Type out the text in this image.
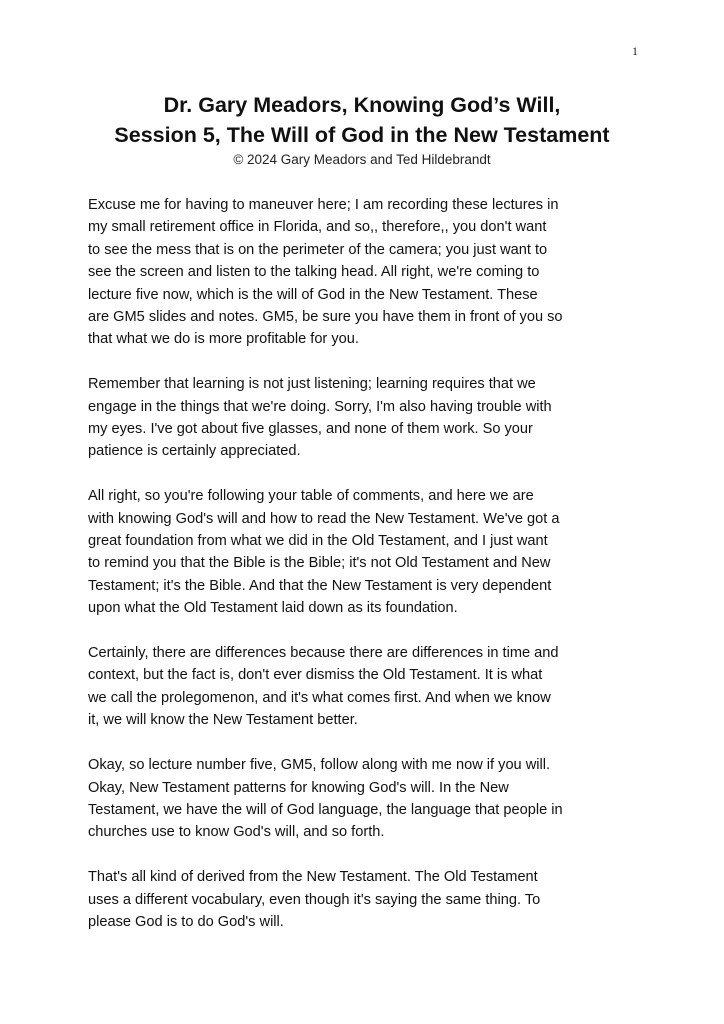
1
Dr. Gary Meadors, Knowing God’s Will,
Session 5, The Will of God in the New Testament
© 2024 Gary Meadors and Ted Hildebrandt

Excuse me for having to maneuver here; I am recording these lectures in
my small retirement office in Florida, and so,, therefore,, you don't want
to see the mess that is on the perimeter of the camera; you just want to
see the screen and listen to the talking head. All right, we're coming to
lecture five now, which is the will of God in the New Testament. These
are GM5 slides and notes. GM5, be sure you have them in front of you so
that what we do is more profitable for you.

Remember that learning is not just listening; learning requires that we
engage in the things that we're doing. Sorry, I'm also having trouble with
my eyes. I've got about five glasses, and none of them work. So your
patience is certainly appreciated.

All right, so you're following your table of comments, and here we are
with knowing God's will and how to read the New Testament. We've got a
great foundation from what we did in the Old Testament, and I just want
to remind you that the Bible is the Bible; it's not Old Testament and New
Testament; it's the Bible. And that the New Testament is very dependent
upon what the Old Testament laid down as its foundation.

Certainly, there are differences because there are differences in time and
context, but the fact is, don't ever dismiss the Old Testament. It is what
we call the prolegomenon, and it's what comes first. And when we know
it, we will know the New Testament better.

Okay, so lecture number five, GM5, follow along with me now if you will.
Okay, New Testament patterns for knowing God's will. In the New
Testament, we have the will of God language, the language that people in
churches use to know God's will, and so forth.

That's all kind of derived from the New Testament. The Old Testament
uses a different vocabulary, even though it's saying the same thing. To
please God is to do God's will.
